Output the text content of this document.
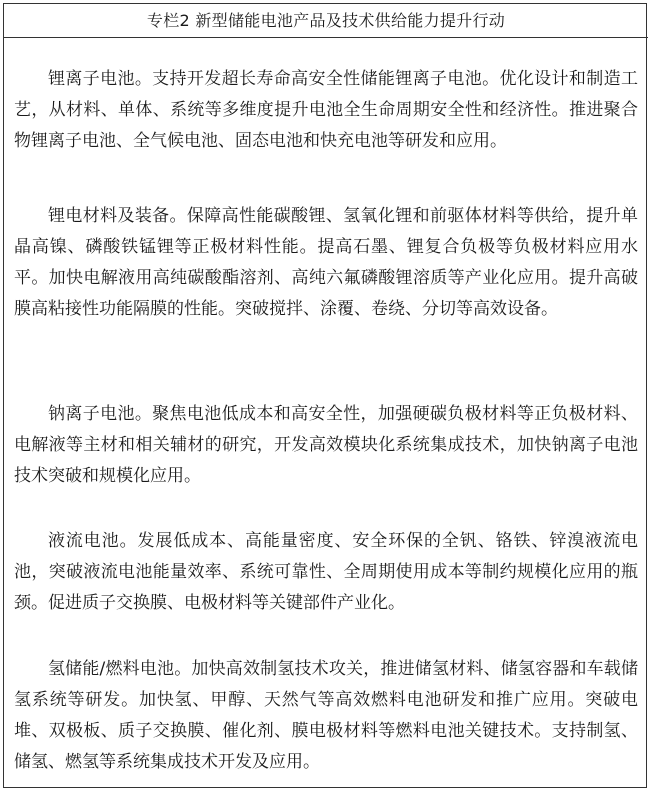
专栏2 新型储能电池产品及技术供给能力提升行动

锂离子电池。支持开发超长寿命高安全性储能锂离子电池。优化设计和制造工艺，从材料、单体、系统等多维度提升电池全生命周期安全性和经济性。推进聚合物锂离子电池、全气候电池、固态电池和快充电池等研发和应用。

锂电材料及装备。保障高性能碳酸锂、氢氧化锂和前驱体材料等供给，提升单晶高镍、磷酸铁锰锂等正极材料性能。提高石墨、锂复合负极等负极材料应用水平。加快电解液用高纯碳酸酯溶剂、高纯六氟磷酸锂溶质等产业化应用。提升高破膜高粘接性功能隔膜的性能。突破搅拌、涂覆、卷绕、分切等高效设备。

钠离子电池。聚焦电池低成本和高安全性，加强硬碳负极材料等正负极材料、电解液等主材和相关辅材的研究，开发高效模块化系统集成技术，加快钠离子电池技术突破和规模化应用。

液流电池。发展低成本、高能量密度、安全环保的全钒、铬铁、锌溴液流电池，突破液流电池能量效率、系统可靠性、全周期使用成本等制约规模化应用的瓶颈。促进质子交换膜、电极材料等关键部件产业化。

氢储能/燃料电池。加快高效制氢技术攻关，推进储氢材料、储氢容器和车载储氢系统等研发。加快氢、甲醇、天然气等高效燃料电池研发和推广应用。突破电堆、双极板、质子交换膜、催化剂、膜电极材料等燃料电池关键技术。支持制氢、储氢、燃氢等系统集成技术开发及应用。
